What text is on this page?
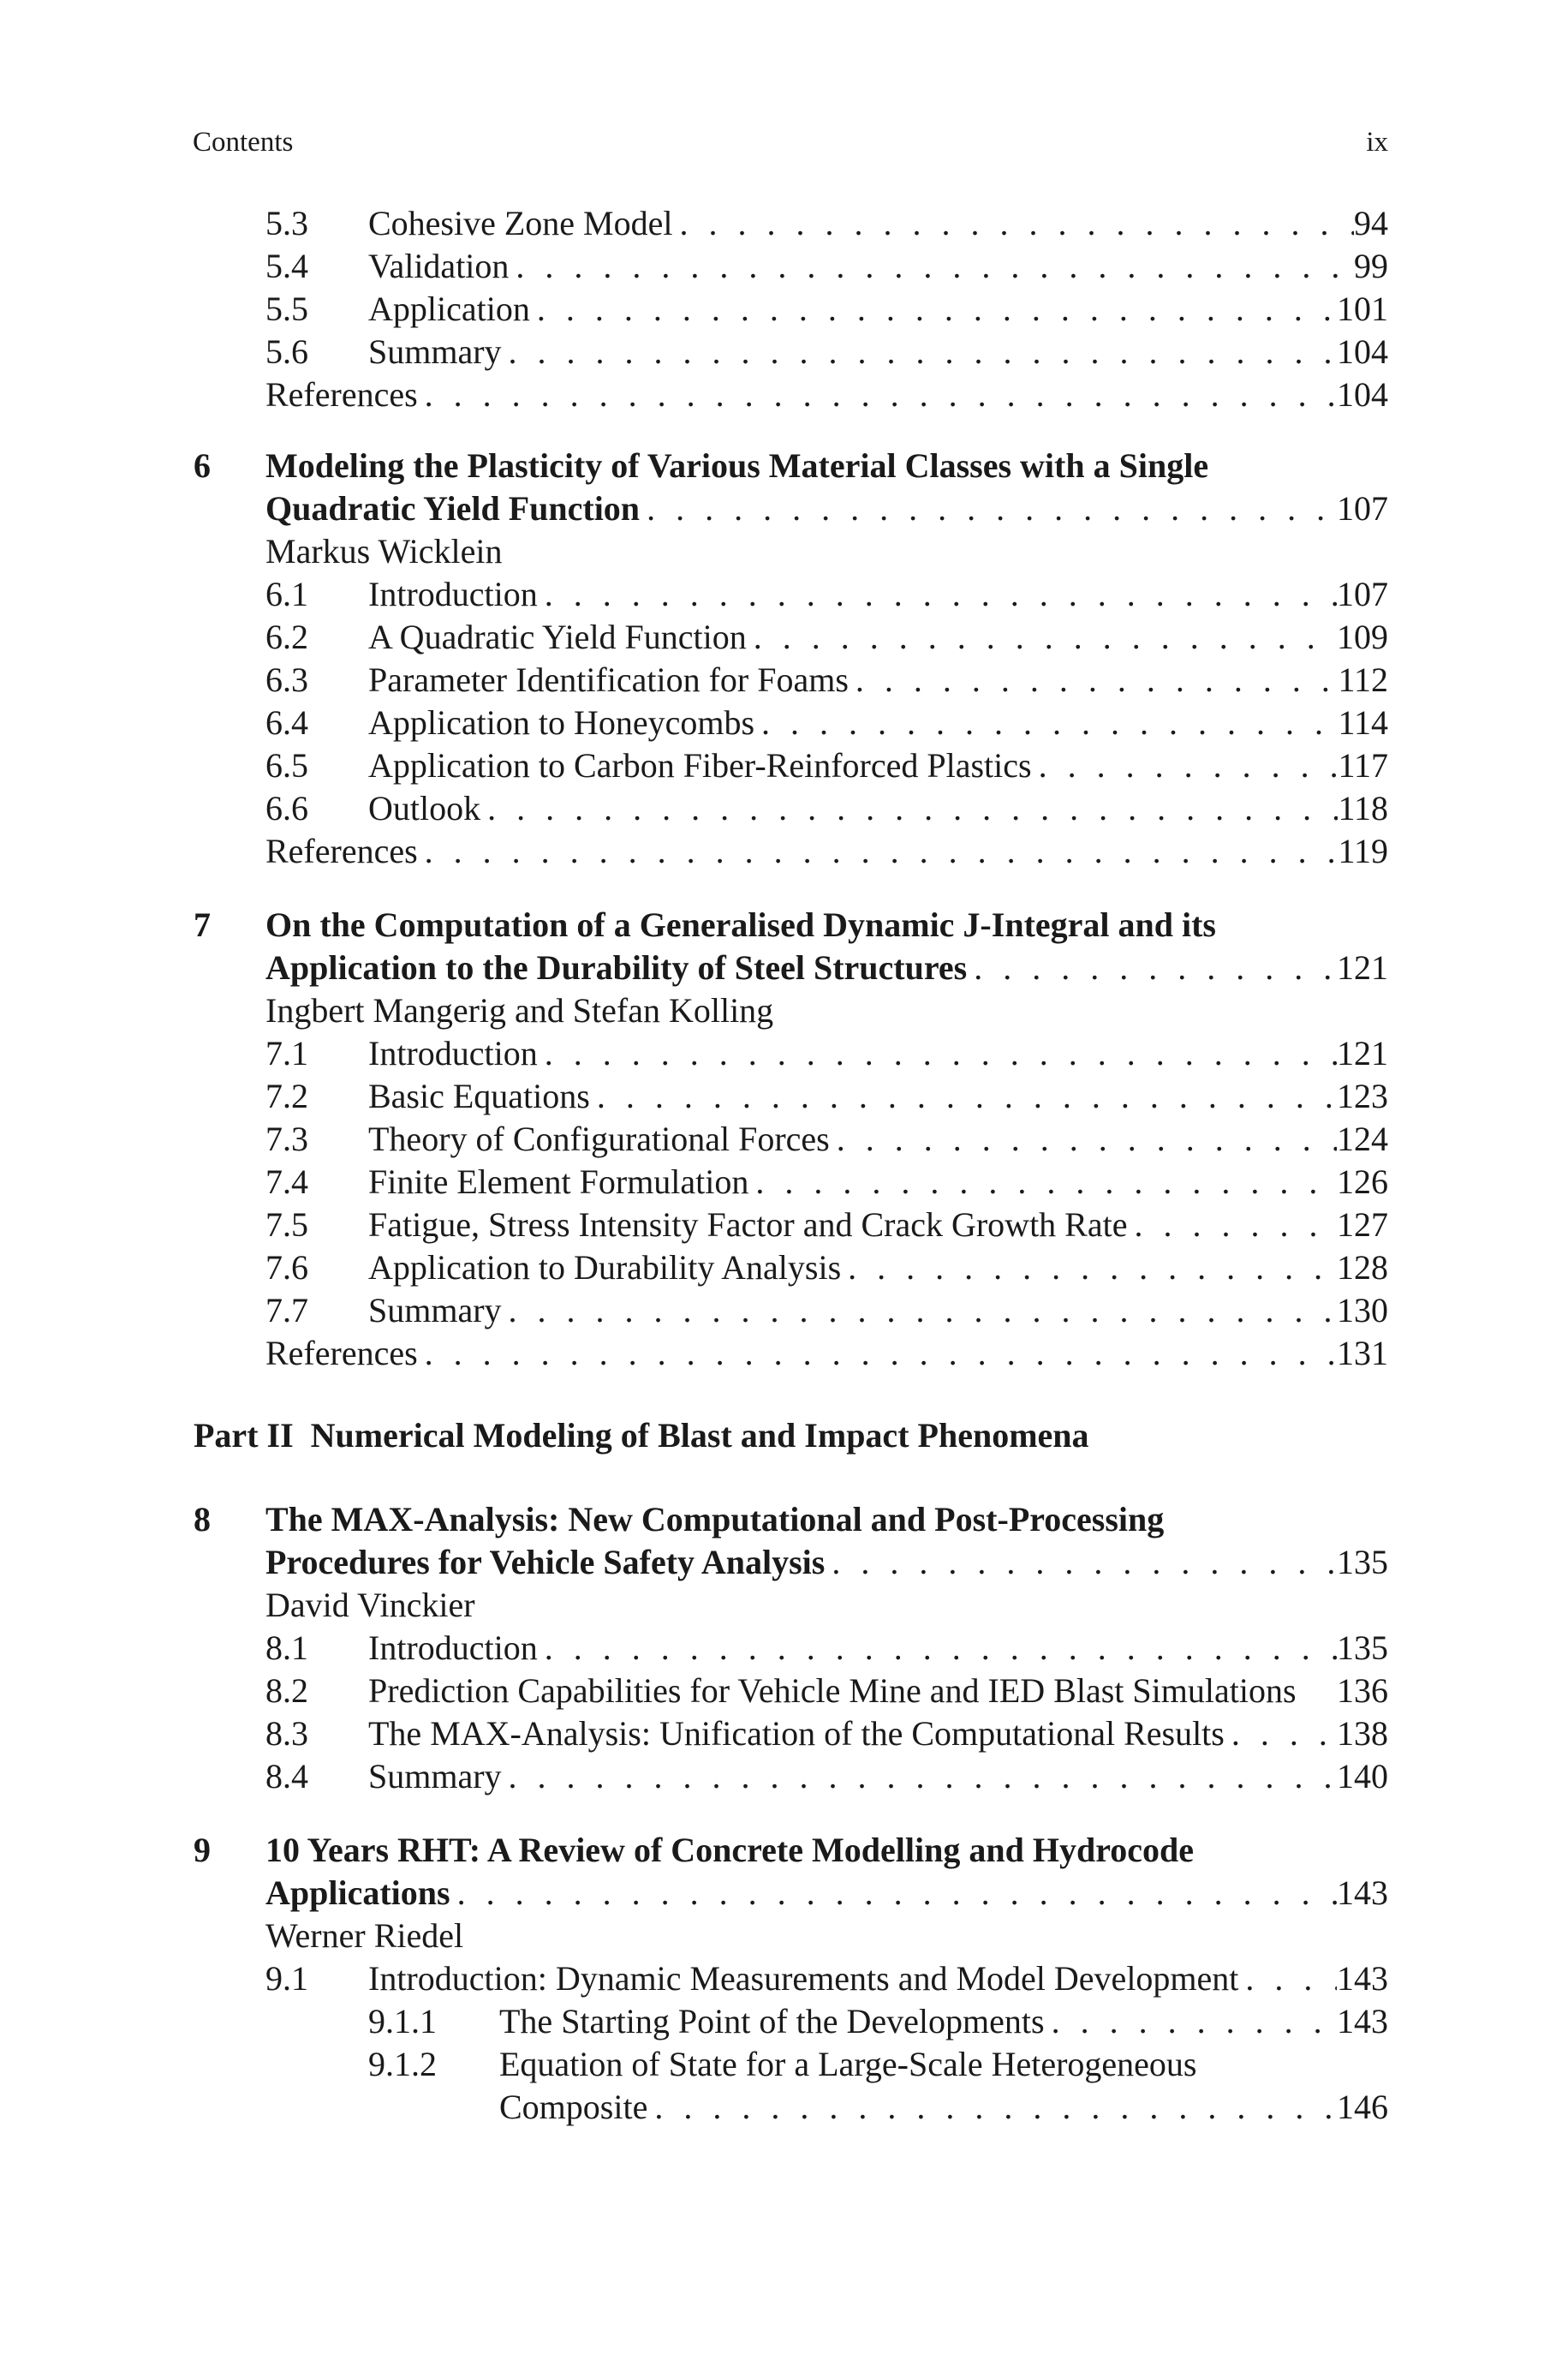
Contents	ix
5.3 Cohesive Zone Model . . .	94
5.4 Validation . . .	99
5.5 Application . . .	101
5.6 Summary . . .	104
References . . .	104
6 Modeling the Plasticity of Various Material Classes with a Single
Quadratic Yield Function . . .	107
Markus Wicklein
6.1 Introduction . . .	107
6.2 A Quadratic Yield Function . . .	109
6.3 Parameter Identification for Foams . . .	112
6.4 Application to Honeycombs . . .	114
6.5 Application to Carbon Fiber-Reinforced Plastics . . .	117
6.6 Outlook . . .	118
References . . .	119
7 On the Computation of a Generalised Dynamic J-Integral and its
Application to the Durability of Steel Structures . . .	121
Ingbert Mangerig and Stefan Kolling
7.1 Introduction . . .	121
7.2 Basic Equations . . .	123
7.3 Theory of Configurational Forces . . .	124
7.4 Finite Element Formulation . . .	126
7.5 Fatigue, Stress Intensity Factor and Crack Growth Rate . . .	127
7.6 Application to Durability Analysis . . .	128
7.7 Summary . . .	130
References . . .	131
Part II  Numerical Modeling of Blast and Impact Phenomena
8 The MAX-Analysis: New Computational and Post-Processing
Procedures for Vehicle Safety Analysis . . .	135
David Vinckier
8.1 Introduction . . .	135
8.2 Prediction Capabilities for Vehicle Mine and IED Blast Simulations 136
8.3 The MAX-Analysis: Unification of the Computational Results . . .	138
8.4 Summary . . .	140
9 10 Years RHT: A Review of Concrete Modelling and Hydrocode
Applications . . .	143
Werner Riedel
9.1 Introduction: Dynamic Measurements and Model Development . . .	143
9.1.1 The Starting Point of the Developments . . .	143
9.1.2 Equation of State for a Large-Scale Heterogeneous
Composite . . .	146
